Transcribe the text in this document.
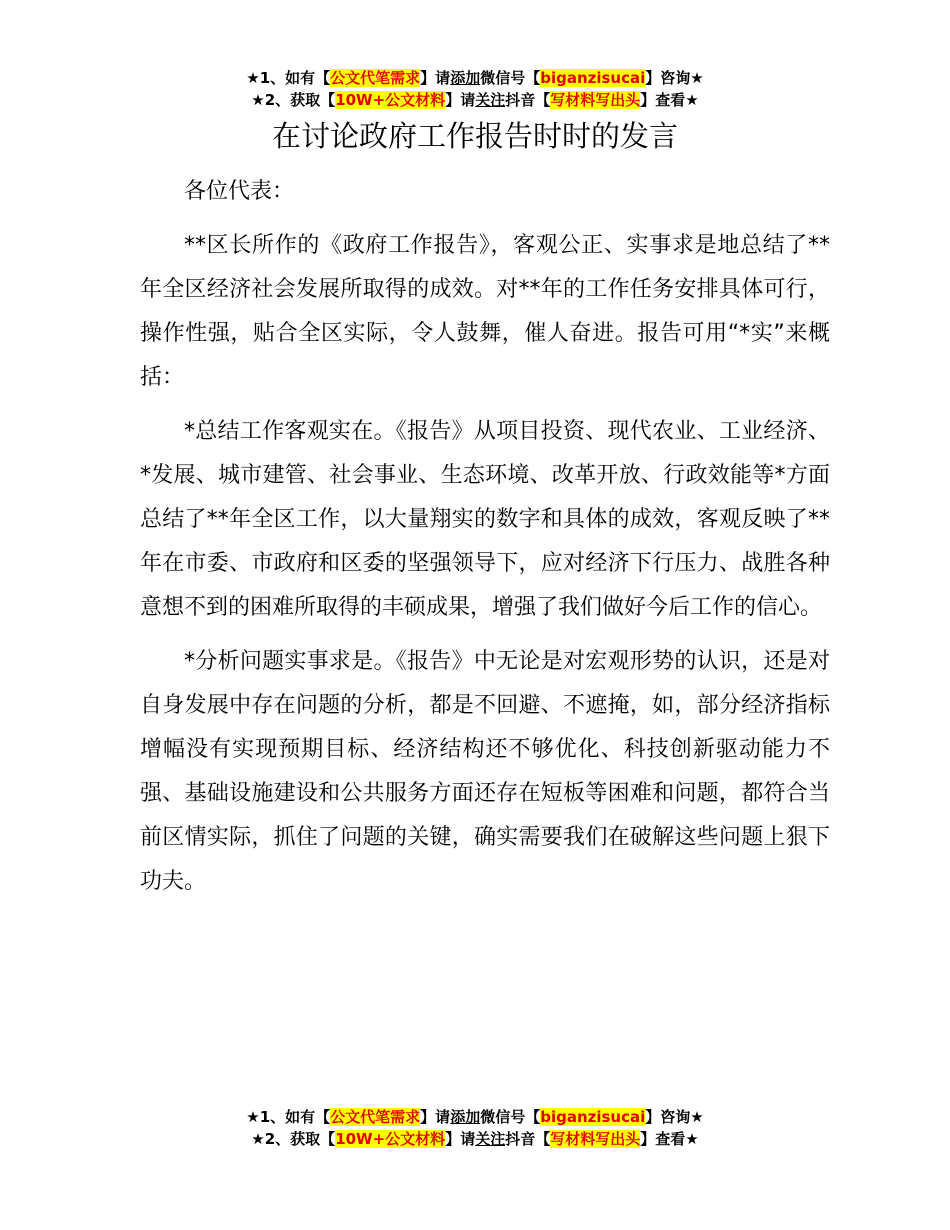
★1、如有【公文代笔需求】请添加微信号【biganzisucai】咨询★
★2、获取【10W+公文材料】请关注抖音【写材料写出头】查看★
在讨论政府工作报告时时的发言

各位代表：

**区长所作的《政府工作报告》，客观公正、实事求是地总结了**年全区经济社会发展所取得的成效。对**年的工作任务安排具体可行，操作性强，贴合全区实际，令人鼓舞，催人奋进。报告可用“*实”来概括：

*总结工作客观实在。《报告》从项目投资、现代农业、工业经济、*发展、城市建管、社会事业、生态环境、改革开放、行政效能等*方面总结了**年全区工作，以大量翔实的数字和具体的成效，客观反映了**年在市委、市政府和区委的坚强领导下，应对经济下行压力、战胜各种意想不到的困难所取得的丰硕成果，增强了我们做好今后工作的信心。

*分析问题实事求是。《报告》中无论是对宏观形势的认识，还是对自身发展中存在问题的分析，都是不回避、不遮掩，如，部分经济指标增幅没有实现预期目标、经济结构还不够优化、科技创新驱动能力不强、基础设施建设和公共服务方面还存在短板等困难和问题，都符合当前区情实际，抓住了问题的关键，确实需要我们在破解这些问题上狠下功夫。

★1、如有【公文代笔需求】请添加微信号【biganzisucai】咨询★
★2、获取【10W+公文材料】请关注抖音【写材料写出头】查看★
